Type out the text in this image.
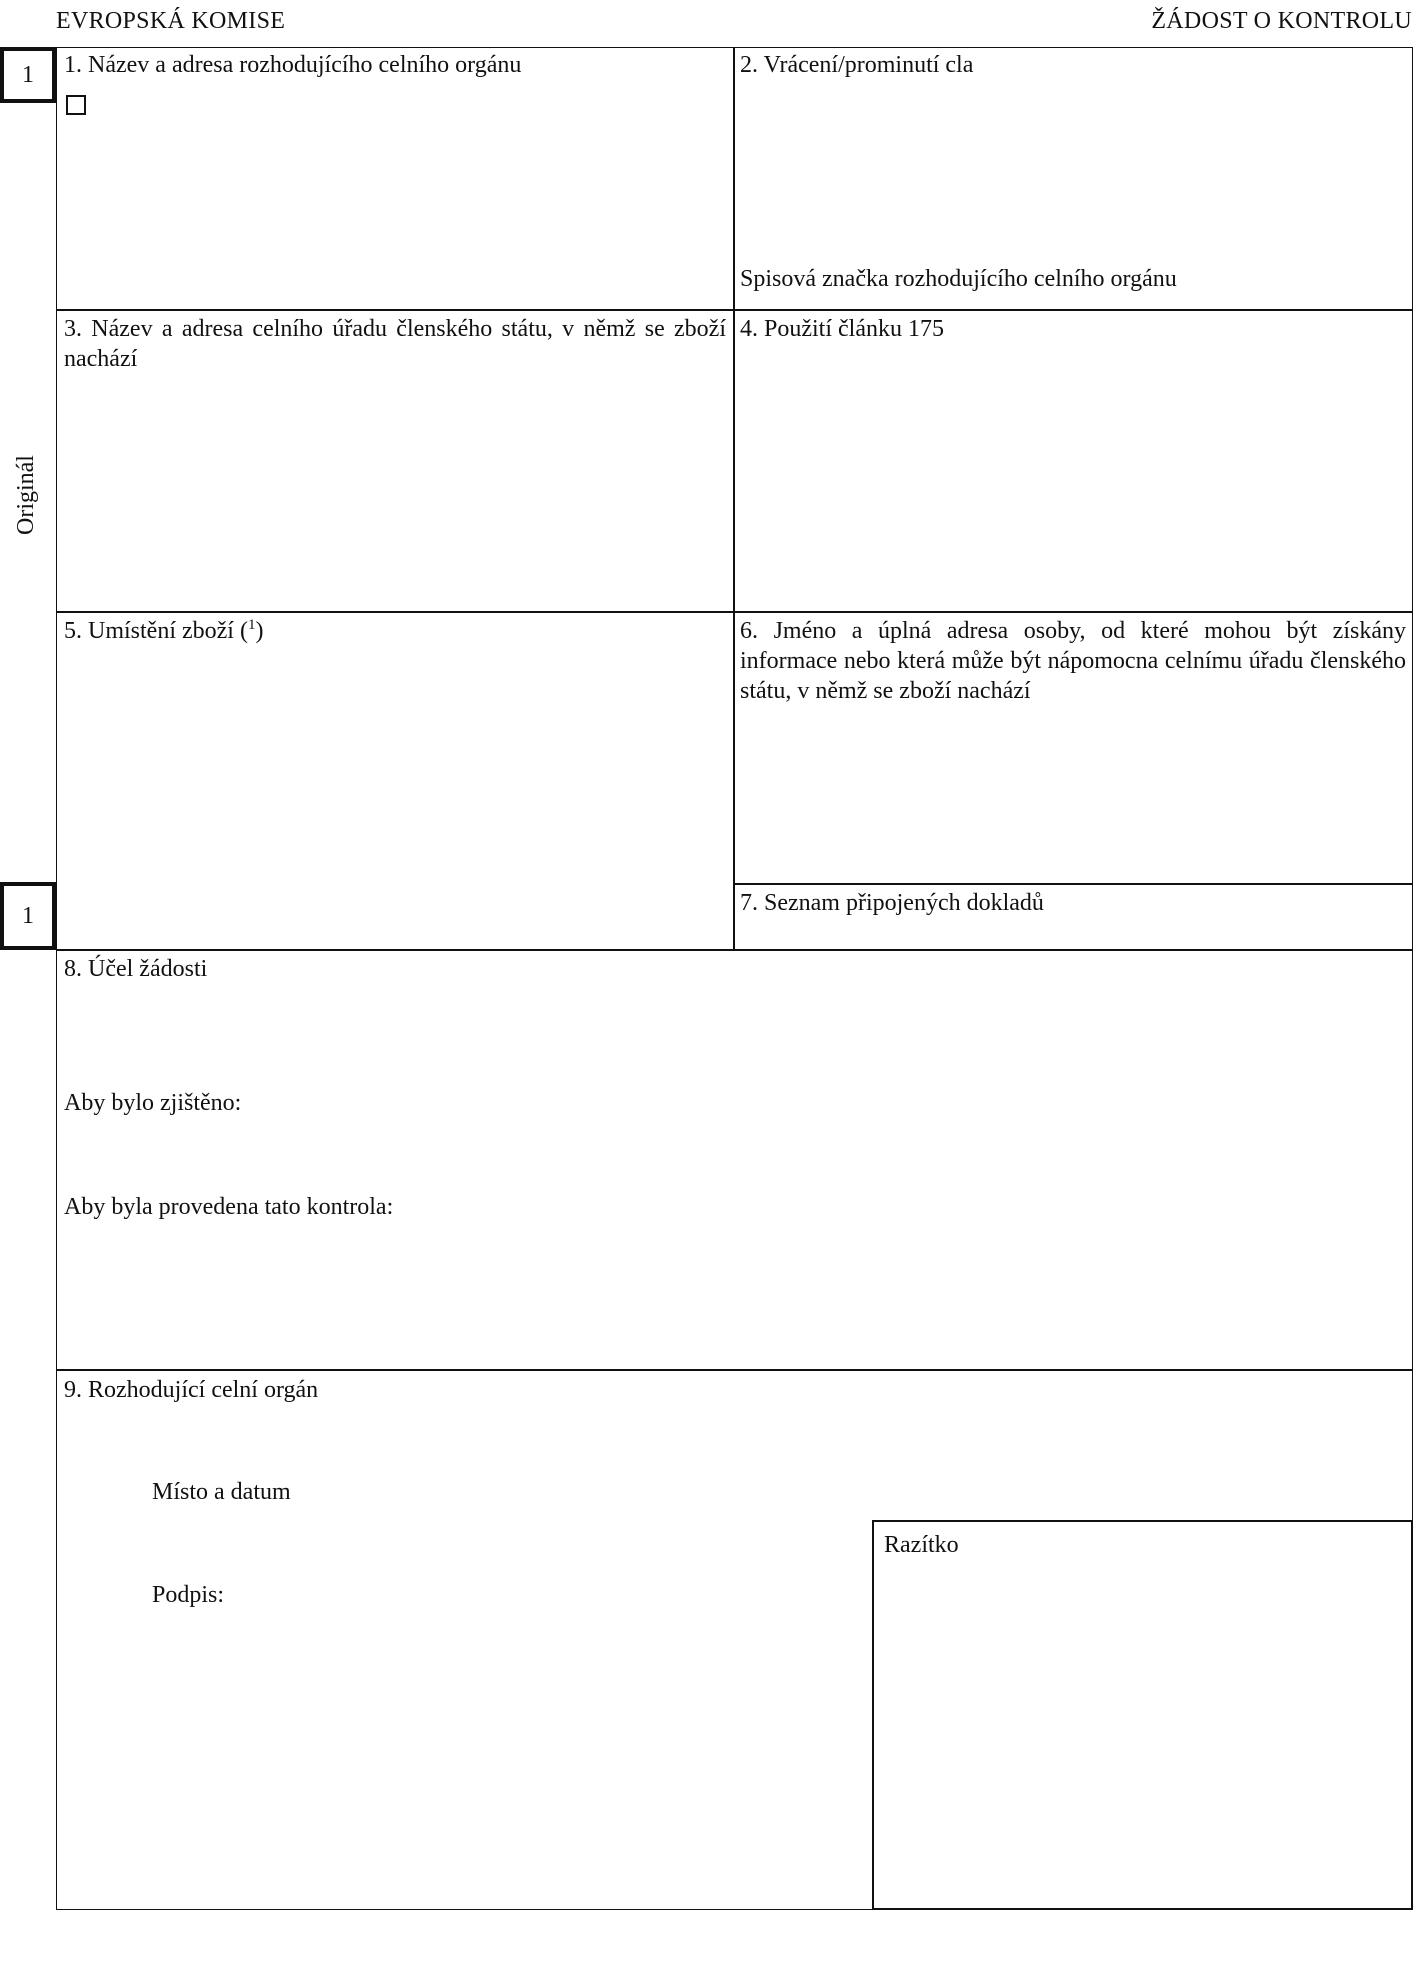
EVROPSKÁ KOMISE	ŽÁDOST O KONTROLU
1
1
Originál
1. Název a adresa rozhodujícího celního orgánu	2. Vrácení/prominutí cla
Spisová značka rozhodujícího celního orgánu
3. Název a adresa celního úřadu členského státu, v němž se zboží nachází
4. Použití článku 175
5. Umístění zboží ($^1$)	6. Jméno a úplná adresa osoby, od které mohou být získány informace nebo která může být nápomocna celnímu úřadu členského státu, v němž se zboží nachází
7. Seznam připojených dokladů
8. Účel žádosti
Aby bylo zjištěno:
Aby byla provedena tato kontrola:
9. Rozhodující celní orgán
Místo a datum
Podpis:
Razítko
